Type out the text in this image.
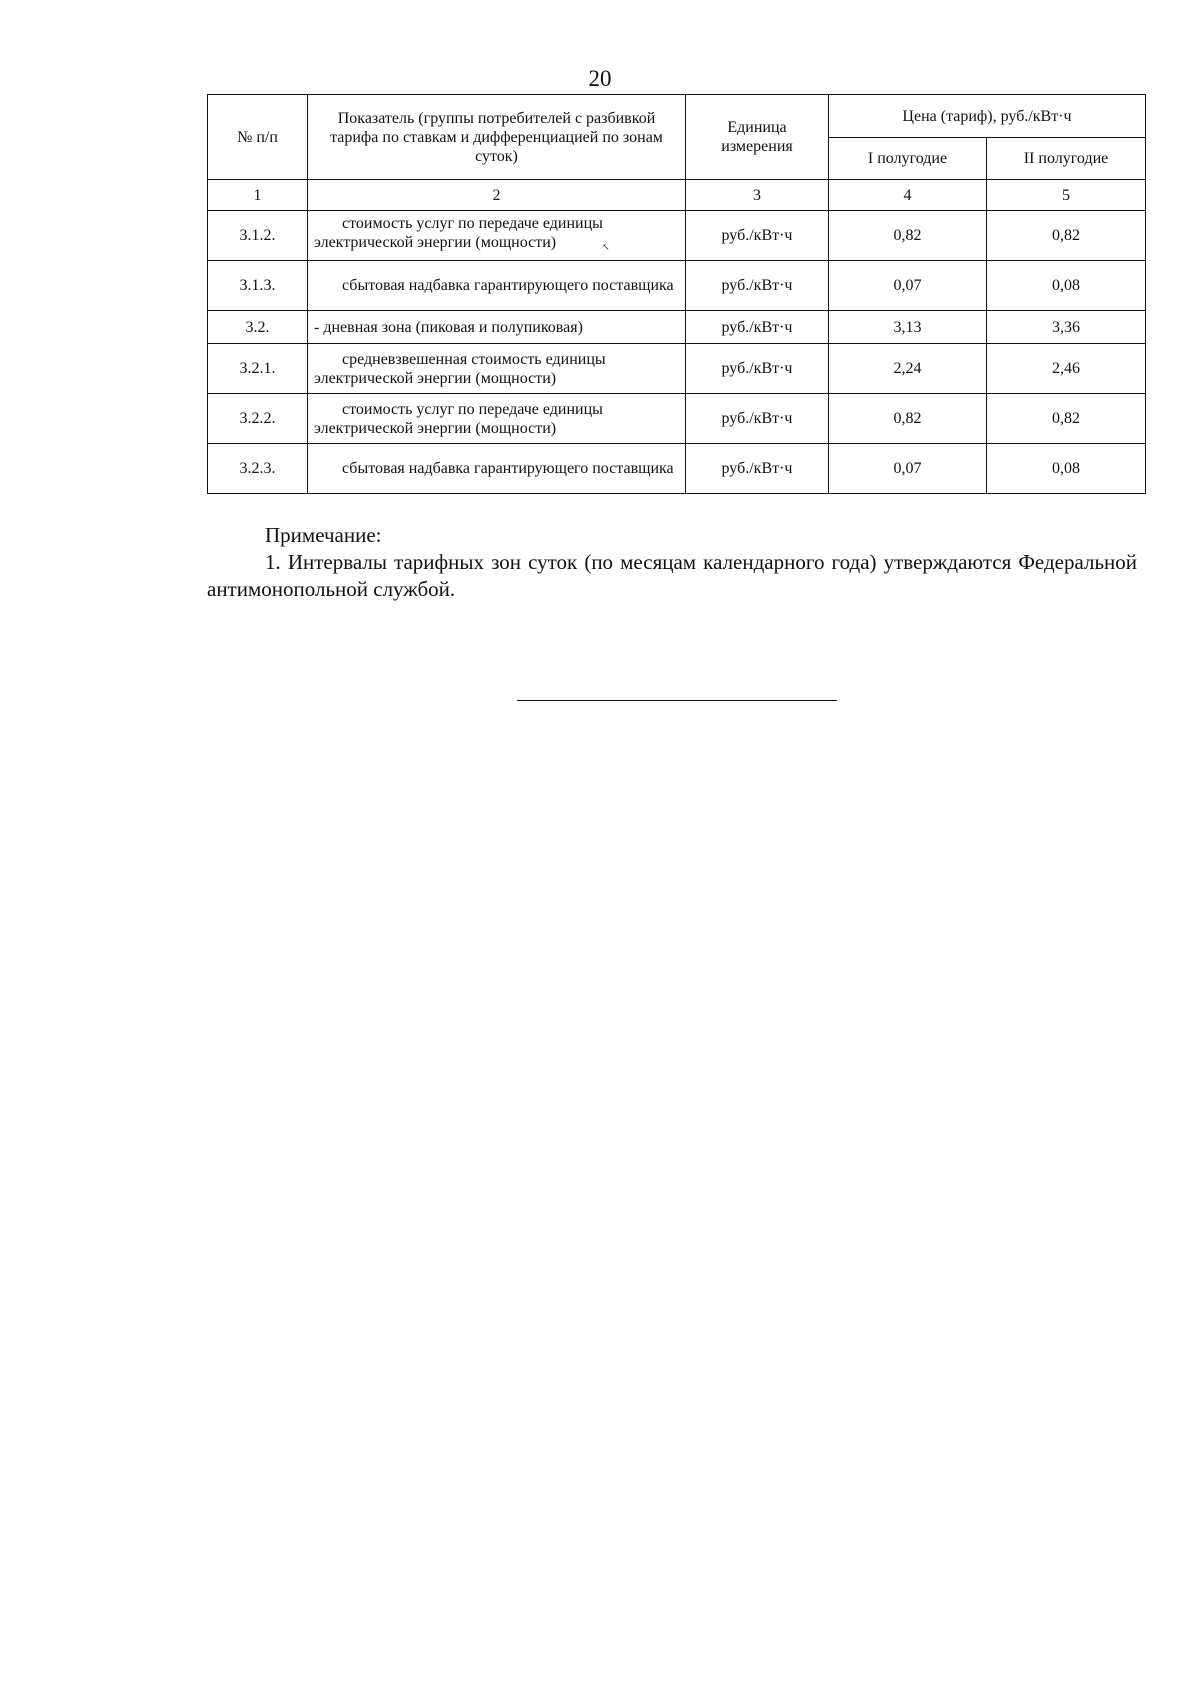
20
№ п/п	Показатель (группы потребителей с разбивкой тарифа по ставкам и дифференциацией по зонам суток)	Единица измерения	Цена (тариф), руб./кВт·ч	
			I полугодие	II полугодие
1	2	3	4	5
3.1.2.	стоимость услуг по передаче единицы электрической энергии (мощности) ↖	руб./кВт·ч	0,82	0,82
3.1.3.	сбытовая надбавка гарантирующего поставщика	руб./кВт·ч	0,07	0,08
3.2.	- дневная зона (пиковая и полупиковая)	руб./кВт·ч	3,13	3,36
3.2.1.	средневзвешенная стоимость единицы электрической энергии (мощности)	руб./кВт·ч	2,24	2,46
3.2.2.	стоимость услуг по передаче единицы электрической энергии (мощности)	руб./кВт·ч	0,82	0,82
3.2.3.	сбытовая надбавка гарантирующего поставщика	руб./кВт·ч	0,07	0,08
Примечание:
1. Интервалы тарифных зон суток (по месяцам календарного года) утверждаются Федеральной антимонопольной службой.
